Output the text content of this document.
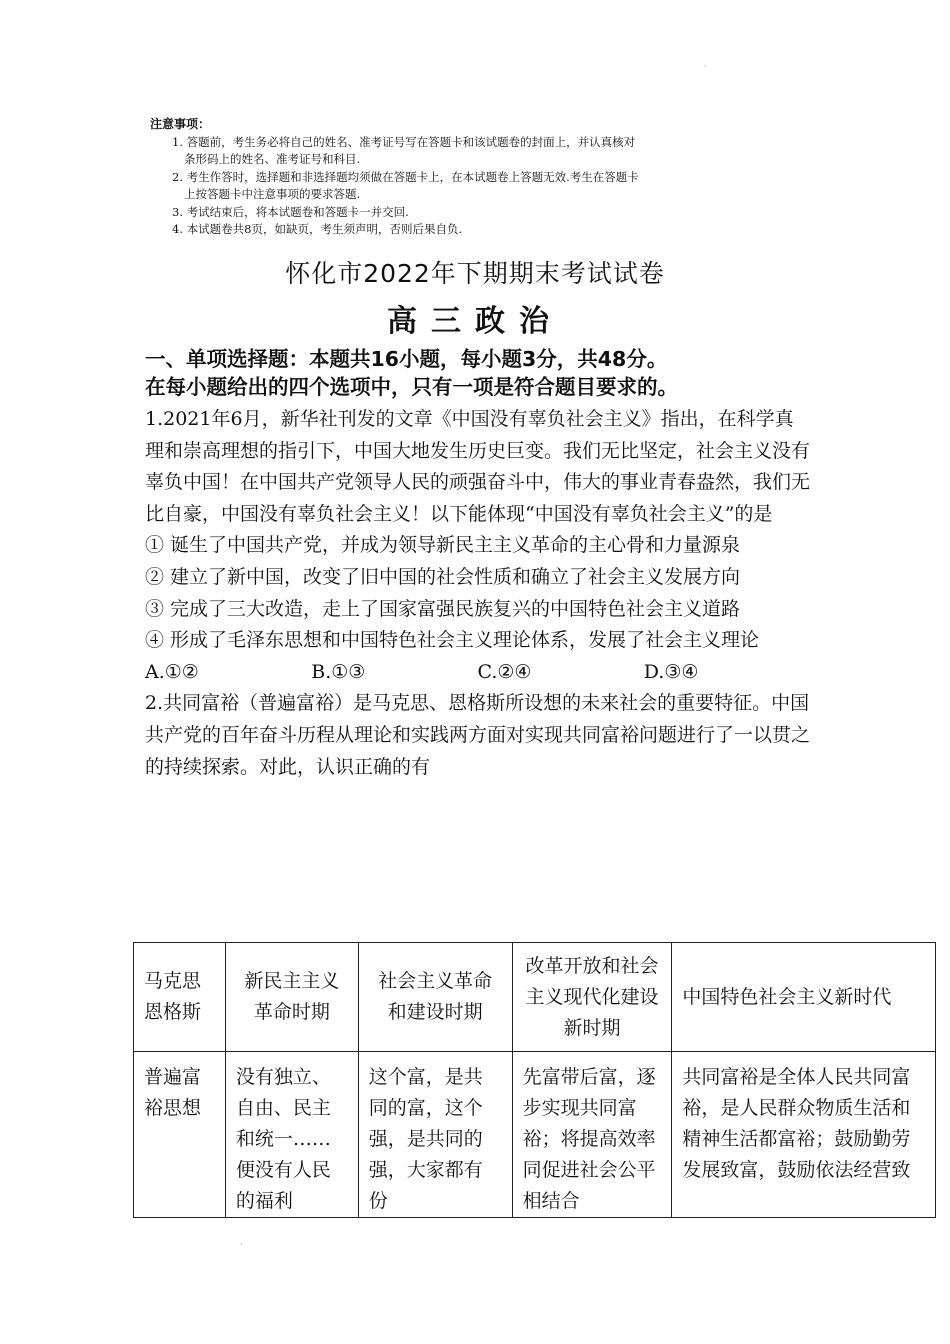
·
·
注意事项：
1. 答题前，考生务必将自己的姓名、准考证号写在答题卡和该试题卷的封面上，并认真核对
条形码上的姓名、准考证号和科目.
2. 考生作答时，选择题和非选择题均须做在答题卡上，在本试题卷上答题无效.考生在答题卡
上按答题卡中注意事项的要求答题.
3. 考试结束后，将本试题卷和答题卡一并交回.
4. 本试题卷共8页，如缺页，考生须声明，否则后果自负.
怀化市2022年下期期末考试试卷
高三政治
一、单项选择题：本题共16小题，每小题3分，共48分。
在每小题给出的四个选项中，只有一项是符合题目要求的。

1.2021年6月，新华社刊发的文章《中国没有辜负社会主义》指出，在科学真理和崇高理想的指引下，中国大地发生历史巨变。我们无比坚定，社会主义没有辜负中国！在中国共产党领导人民的顽强奋斗中，伟大的事业青春盎然，我们无比自豪，中国没有辜负社会主义！以下能体现“中国没有辜负社会主义”的是

① 诞生了中国共产党，并成为领导新民主主义革命的主心骨和力量源泉

② 建立了新中国，改变了旧中国的社会性质和确立了社会主义发展方向

③ 完成了三大改造，走上了国家富强民族复兴的中国特色社会主义道路

④ 形成了毛泽东思想和中国特色社会主义理论体系，发展了社会主义理论

A.①②	B.①③	C.②④	D.③④

2.共同富裕（普遍富裕）是马克思、恩格斯所设想的未来社会的重要特征。中国共产党的百年奋斗历程从理论和实践两方面对实现共同富裕问题进行了一以贯之的持续探索。对此，认识正确的有

马克思恩格斯	新民主主义革命时期	社会主义革命和建设时期	改革开放和社会主义现代化建设新时期	中国特色社会主义新时代
普遍富裕思想	没有独立、自由、民主和统一……便没有人民的福利	这个富，是共同的富，这个强，是共同的强，大家都有份	先富带后富，逐步实现共同富裕；将提高效率同促进社会公平相结合	共同富裕是全体人民共同富裕，是人民群众物质生活和精神生活都富裕；鼓励勤劳发展致富，鼓励依法经营致
